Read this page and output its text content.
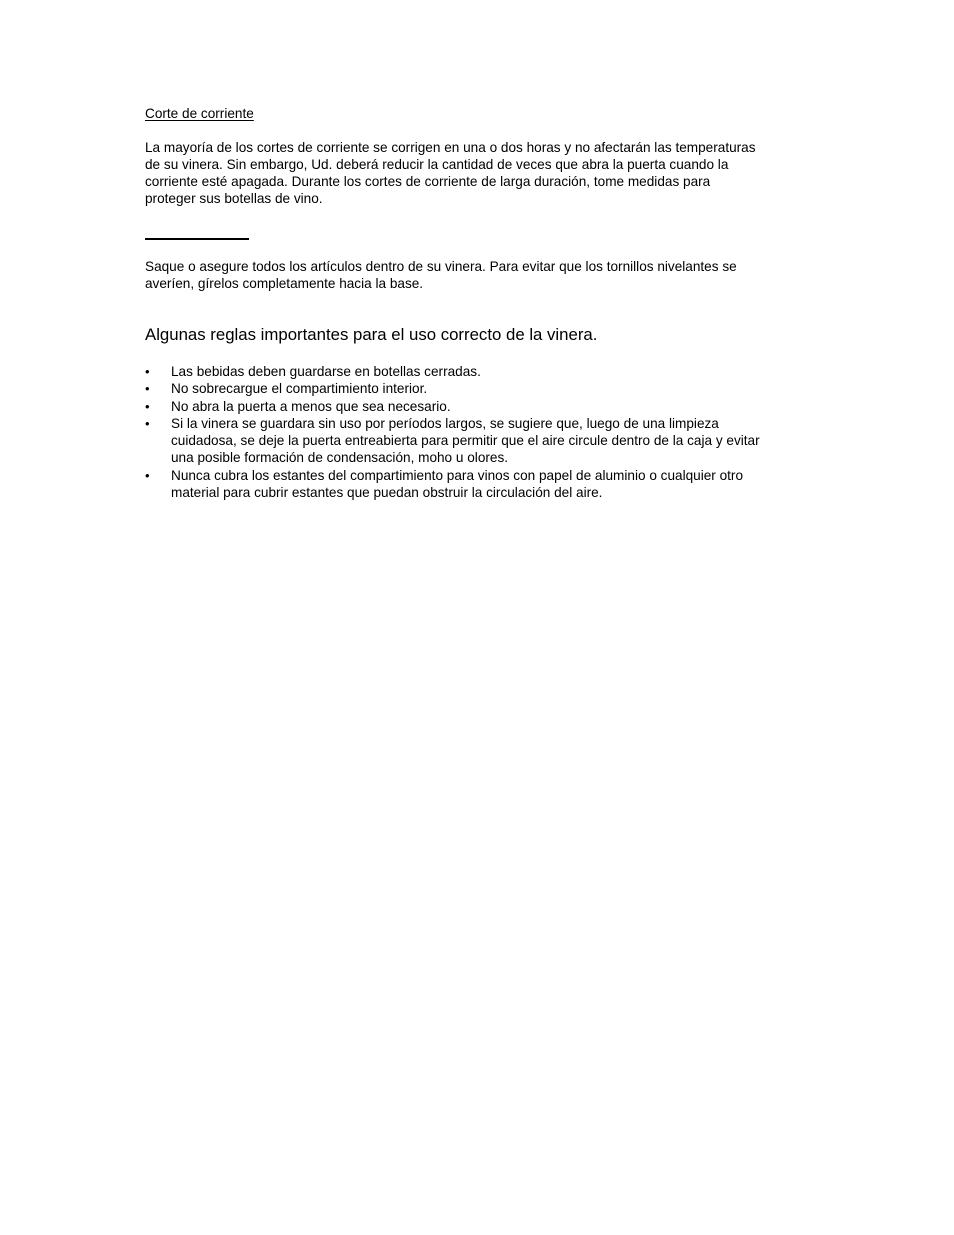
Corte de corriente
La mayoría de los cortes de corriente se corrigen en una o dos horas y no afectarán las temperaturas
de su vinera. Sin embargo, Ud. deberá reducir la cantidad de veces que abra la puerta cuando la
corriente esté apagada. Durante los cortes de corriente de larga duración, tome medidas para
proteger sus botellas de vino.
Saque o asegure todos los artículos dentro de su vinera. Para evitar que los tornillos nivelantes se
averíen, gírelos completamente hacia la base.
Algunas reglas importantes para el uso correcto de la vinera.
•	Las bebidas deben guardarse en botellas cerradas.
•	No sobrecargue el compartimiento interior.
•	No abra la puerta a menos que sea necesario.
•	Si la vinera se guardara sin uso por períodos largos, se sugiere que, luego de una limpieza
cuidadosa, se deje la puerta entreabierta para permitir que el aire circule dentro de la caja y evitar
una posible formación de condensación, moho u olores.
•	Nunca cubra los estantes del compartimiento para vinos con papel de aluminio o cualquier otro
material para cubrir estantes que puedan obstruir la circulación del aire.
